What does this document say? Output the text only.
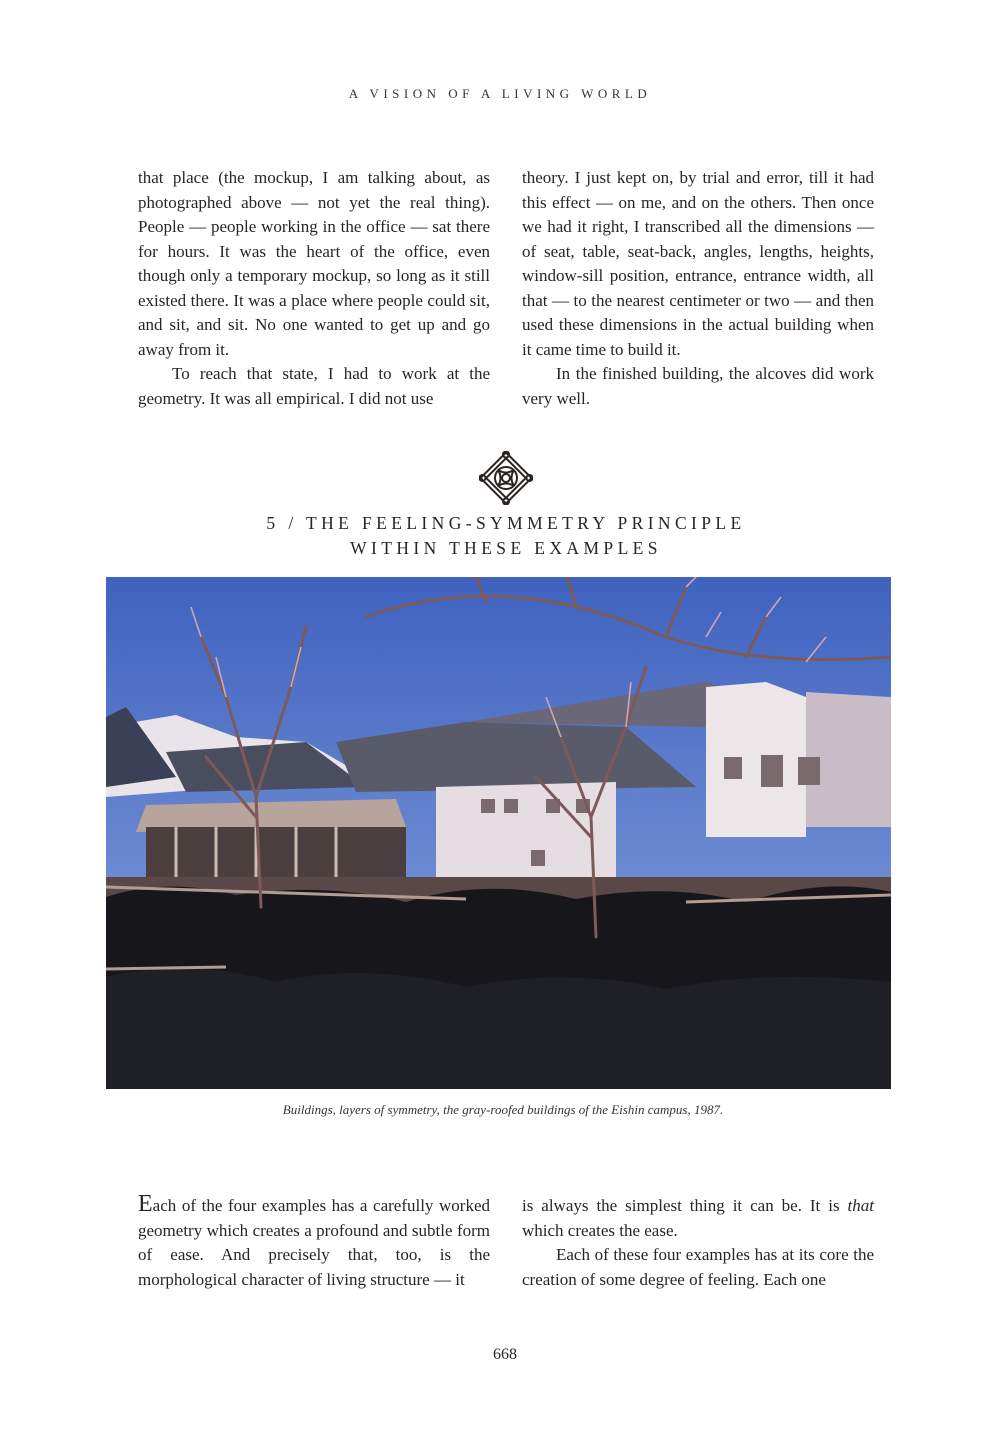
A VISION OF A LIVING WORLD

that place (the mockup, I am talking about, as photographed above — not yet the real thing). People — people working in the office — sat there for hours. It was the heart of the office, even though only a temporary mockup, so long as it still existed there. It was a place where people could sit, and sit, and sit. No one wanted to get up and go away from it.

To reach that state, I had to work at the geometry. It was all empirical. I did not use

theory. I just kept on, by trial and error, till it had this effect — on me, and on the others. Then once we had it right, I transcribed all the dimensions — of seat, table, seat-back, angles, lengths, heights, window-sill position, entrance, entrance width, all that — to the nearest centimeter or two — and then used these dimensions in the actual building when it came time to build it.

In the finished building, the alcoves did work very well.

5 / THE FEELING-SYMMETRY PRINCIPLE
WITHIN THESE EXAMPLES
Buildings, layers of symmetry, the gray-roofed buildings of the Eishin campus, 1987.

Each of the four examples has a carefully worked geometry which creates a profound and subtle form of ease. And precisely that, too, is the morphological character of living structure — it

is always the simplest thing it can be. It is that which creates the ease.

Each of these four examples has at its core the creation of some degree of feeling. Each one

668
